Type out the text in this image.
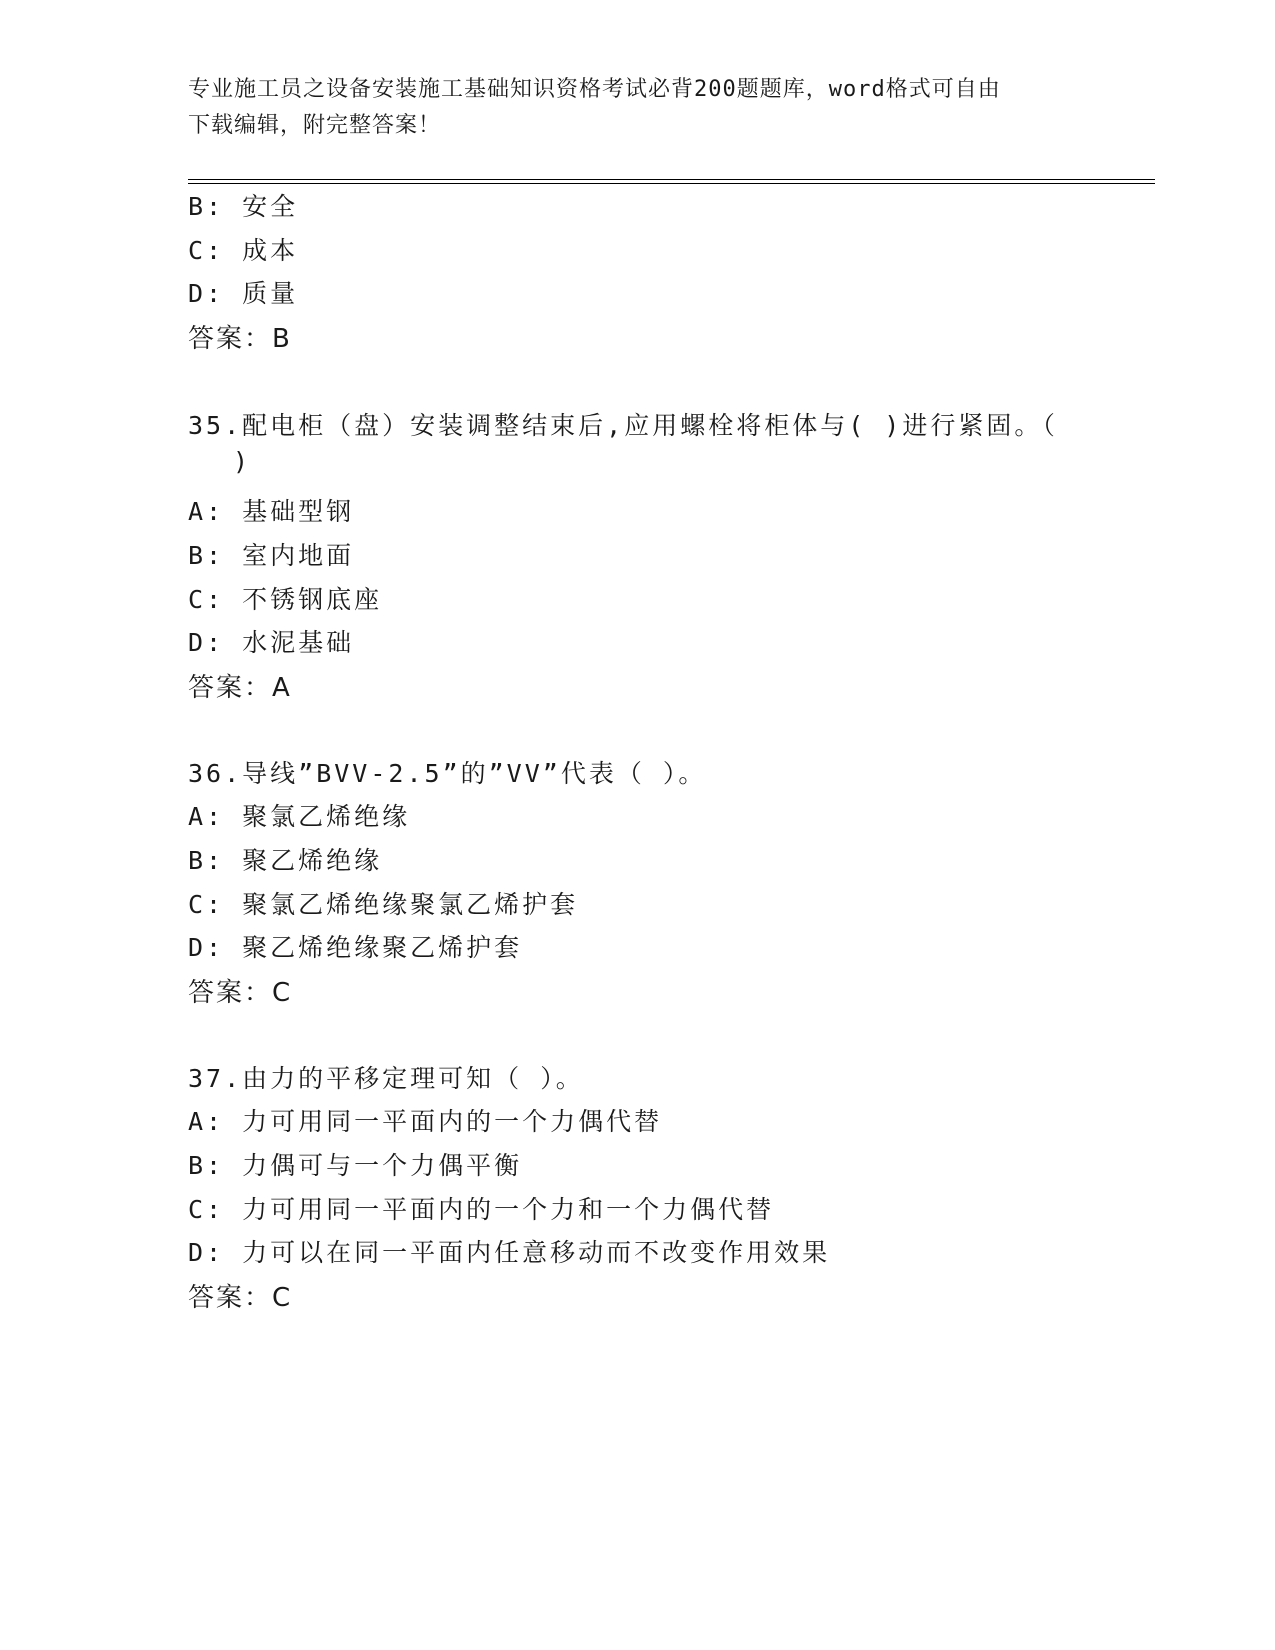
专业施工员之设备安装施工基础知识资格考试必背200题题库，word格式可自由
下载编辑，附完整答案！
B: 安全
C: 成本
D: 质量
答案：B
35.配电柜（盘）安装调整结束后,应用螺栓将柜体与( )进行紧固。（
)
A: 基础型钢
B: 室内地面
C: 不锈钢底座
D: 水泥基础
答案：A
36.导线”BVV-2.5”的”VV”代表（ ）。
A: 聚氯乙烯绝缘
B: 聚乙烯绝缘
C: 聚氯乙烯绝缘聚氯乙烯护套
D: 聚乙烯绝缘聚乙烯护套
答案：C
37.由力的平移定理可知（ ）。
A: 力可用同一平面内的一个力偶代替
B: 力偶可与一个力偶平衡
C: 力可用同一平面内的一个力和一个力偶代替
D: 力可以在同一平面内任意移动而不改变作用效果
答案：C
